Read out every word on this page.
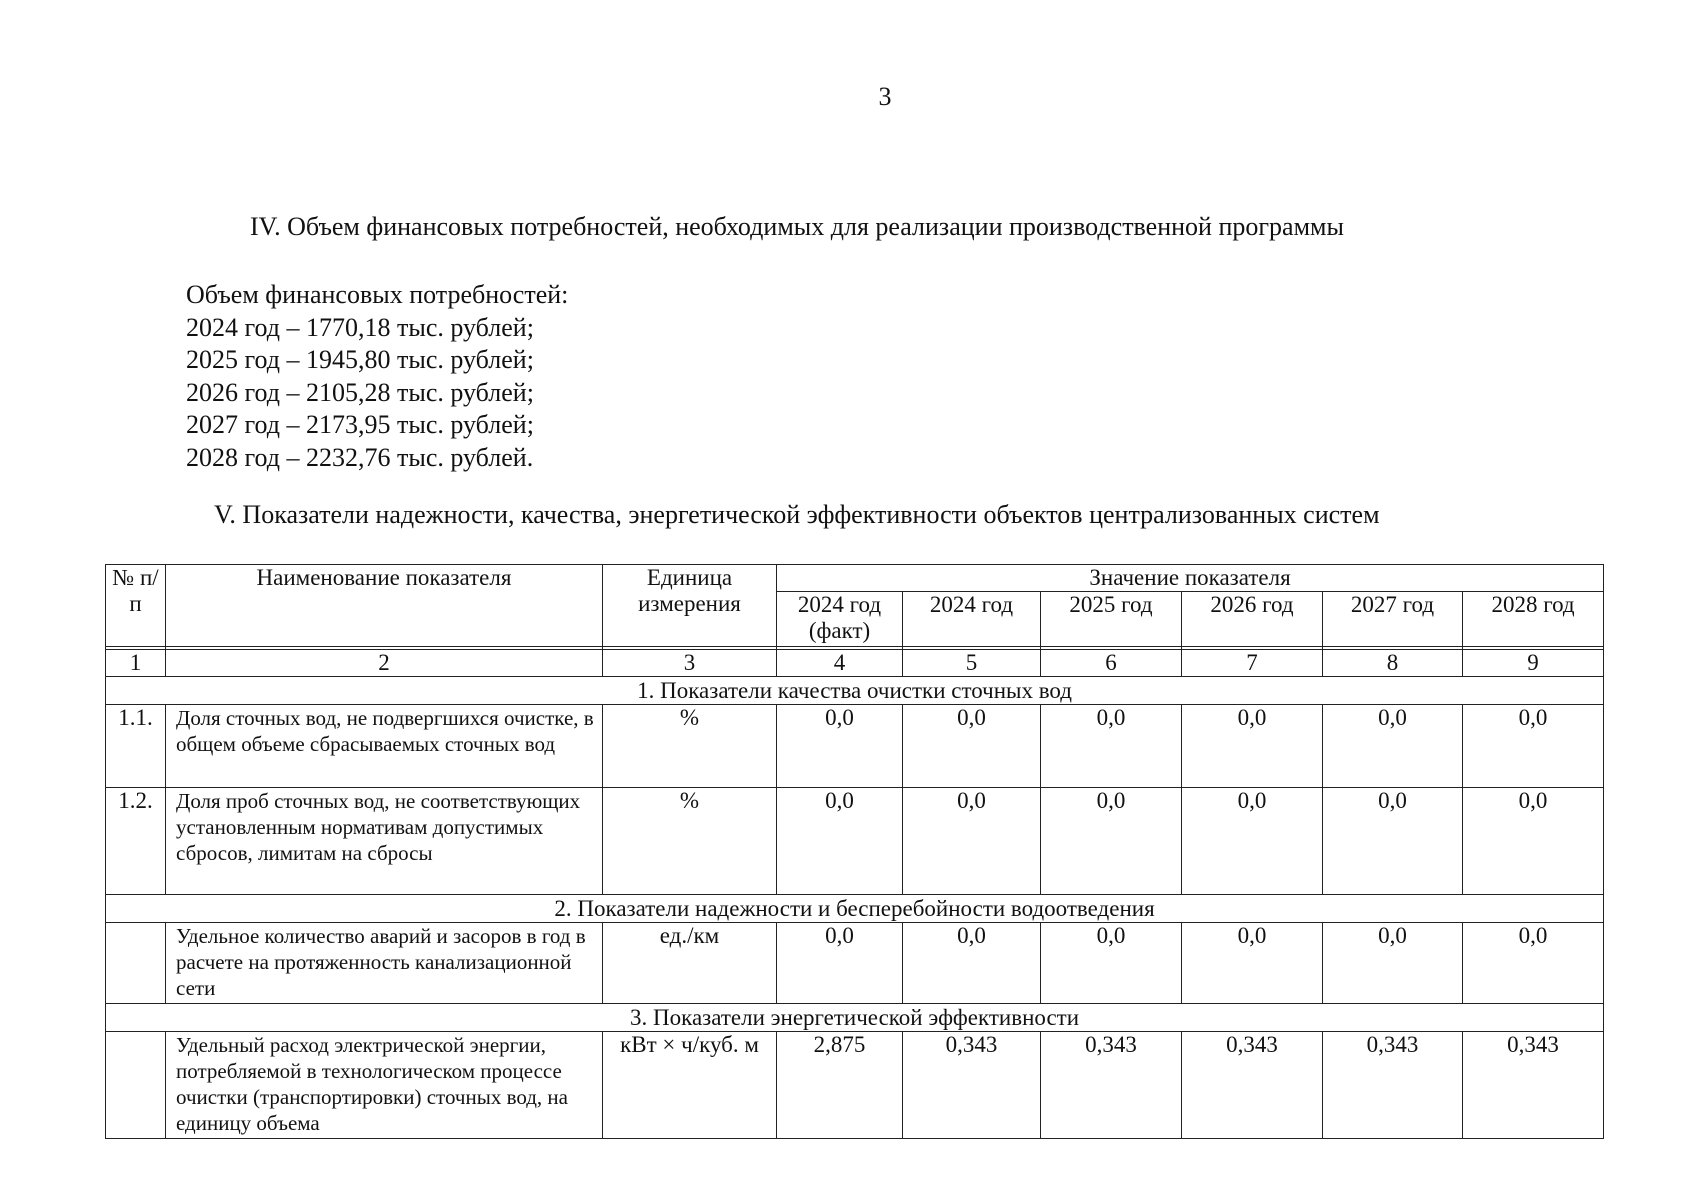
3
IV. Объем финансовых потребностей, необходимых для реализации производственной программы
Объем финансовых потребностей:
2024 год – 1770,18 тыс. рублей;
2025 год – 1945,80 тыс. рублей;
2026 год – 2105,28 тыс. рублей;
2027 год – 2173,95 тыс. рублей;
2028 год – 2232,76 тыс. рублей.
V. Показатели надежности, качества, энергетической эффективности объектов централизованных систем
№ п/п	Наименование показателя	Единица измерения	Значение показателя					
			2024 год (факт)	2024 год	2025 год	2026 год	2027 год	2028 год

1	2	3	4	5	6	7	8	9
1. Показатели качества очистки сточных вод								
1.1.	Доля сточных вод, не подвергшихся очистке, в общем объеме сбрасываемых сточных вод	%	0,0	0,0	0,0	0,0	0,0	0,0
1.2.	Доля проб сточных вод, не соответствующих установленным нормативам допустимых сбросов, лимитам на сбросы	%	0,0	0,0	0,0	0,0	0,0	0,0
2. Показатели надежности и бесперебойности водоотведения								
	Удельное количество аварий и засоров в год в расчете на протяженность канализационной сети	ед./км	0,0	0,0	0,0	0,0	0,0	0,0
3. Показатели энергетической эффективности								
	Удельный расход электрической энергии, потребляемой в технологическом процессе очистки (транспортировки) сточных вод, на единицу объема	кВт × ч/куб. м	2,875	0,343	0,343	0,343	0,343	0,343
